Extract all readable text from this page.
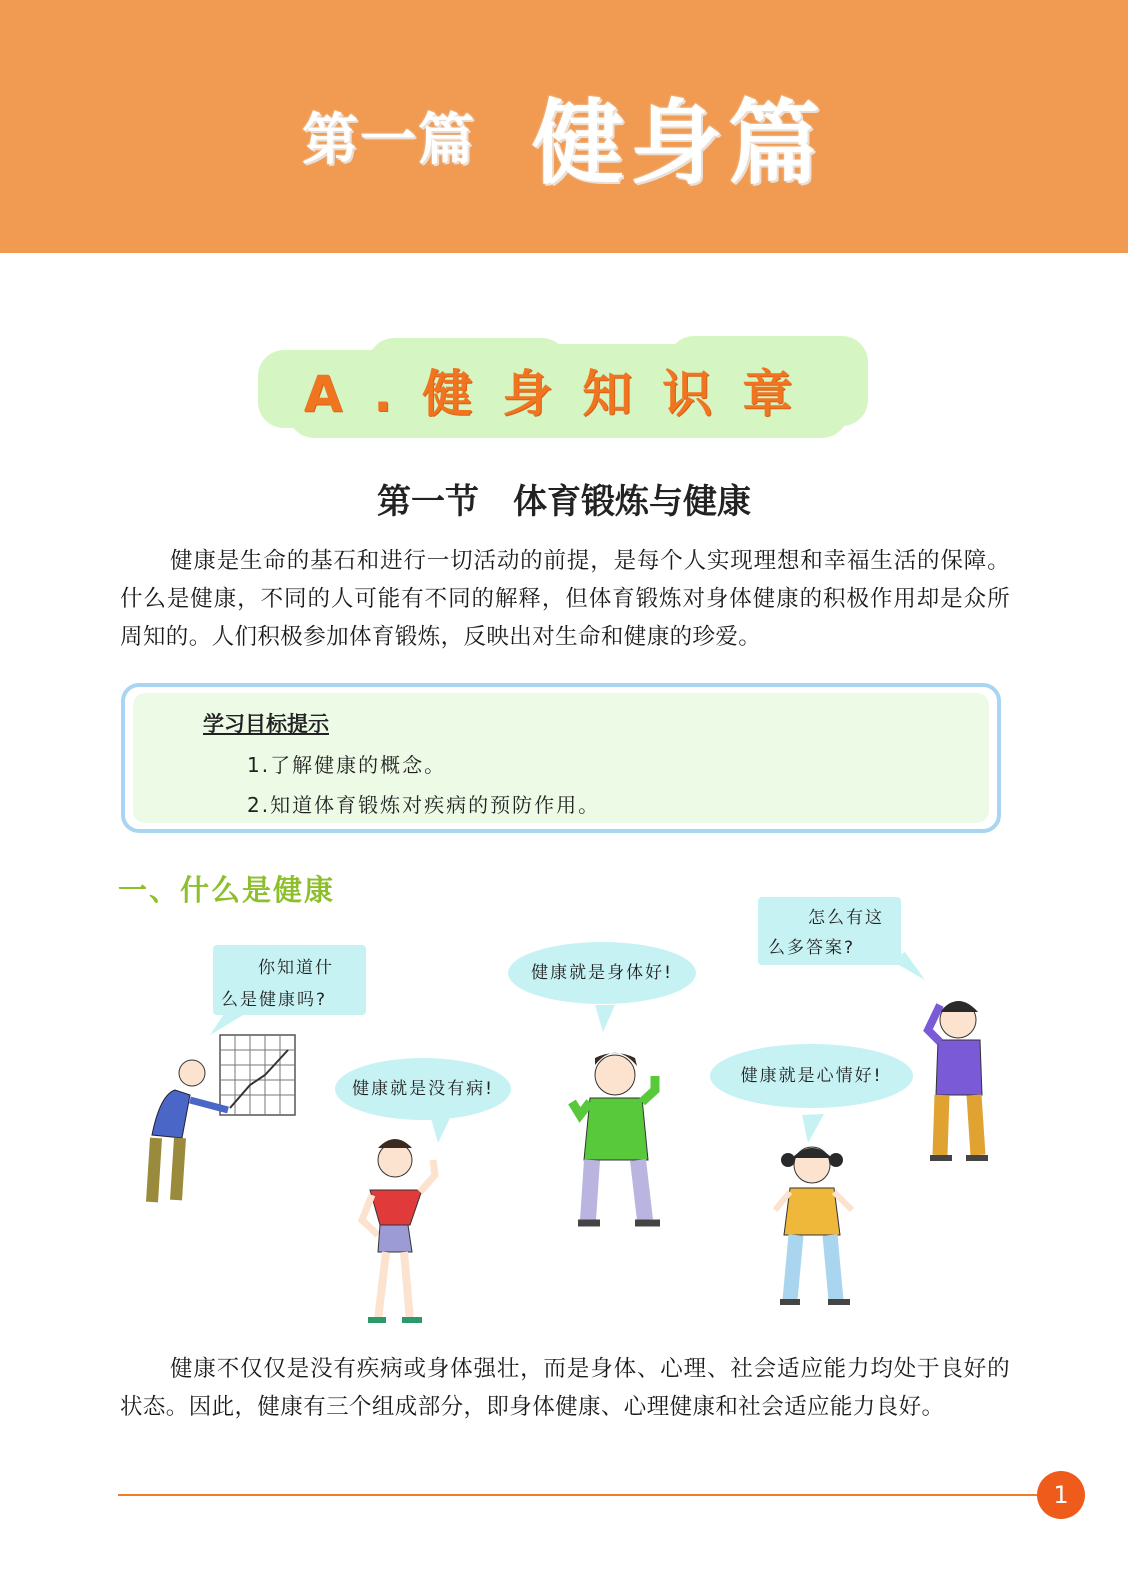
第一篇 健身篇
A.健身知识章
第一节　体育锻炼与健康

健康是生命的基石和进行一切活动的前提，是每个人实现理想和幸福生活的保障。什么是健康，不同的人可能有不同的解释，但体育锻炼对身体健康的积极作用却是众所周知的。人们积极参加体育锻炼，反映出对生命和健康的珍爱。

学习目标提示
1.了解健康的概念。
2.知道体育锻炼对疾病的预防作用。
一、什么是健康
你知道什
么是健康吗?
健康就是身体好!
健康就是没有病!
健康就是心情好!
怎么有这
么多答案?

健康不仅仅是没有疾病或身体强壮，而是身体、心理、社会适应能力均处于良好的状态。因此，健康有三个组成部分，即身体健康、心理健康和社会适应能力良好。

1
